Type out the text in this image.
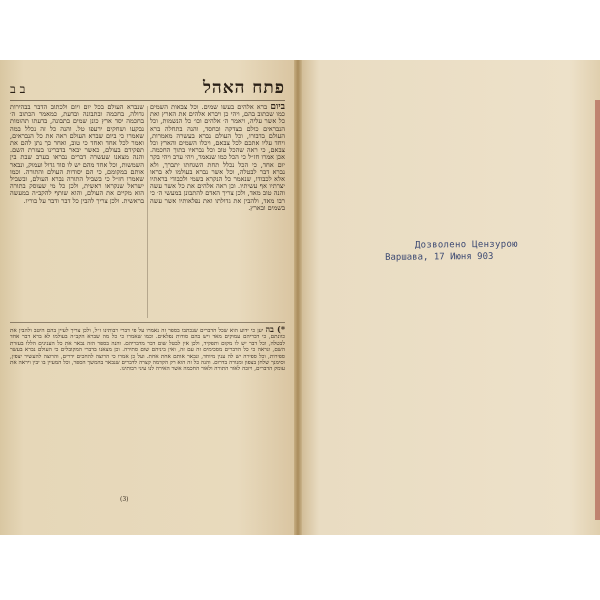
פתח האהל
ב ב
ביום ברא אלהים בעשו שמים. וכל צבאות השמים כמו שכתוב בהם, ויהי כן ויברא אלהים את הארץ ואת כל אשר עליה, ויאמר ה׳ אלהים וכו׳ כל הנשמות, וכל הנבראים כולם בצדקה ובחסד, והנה בתחלה ברא העולם בדבורו, וכל העולם נברא בעשרה מאמרות, ויחד עליו אתכם לכל צבאם, ויכלו השמים והארץ וכל צבאם, כי ראה שהכל טוב וכל נבראיו בתוך החכמה. אכן אמרו חז״ל כי הכל כמו שנאמר, ויהי ערב ויהי בקר יום אחד, כי הכל נכלל תחת השגחתו יתברך, ולא נברא דבר לבטלה, וכל אשר נברא בעולמו לא בראו אלא לכבודו, שנאמר כל הנקרא בשמי ולכבודי בראתיו יצרתיו אף עשיתיו. וכן ראה אלהים את כל אשר עשה והנה טוב מאד, ולכן צריך האדם להתבונן במעשי ה׳ כי רבו מאד, ולהבין את גדולתו ואת נפלאותיו אשר עשה בשמים ובארץ.
שנברא העולם בכל יום ויום ולכתוב הדבר בבהירות גדולה, בחכמה ובתבונה ובדעת, כמאמר הכתוב ה׳ בחכמה יסד ארץ כונן שמים בתבונה, בדעתו תהומות נבקעו ושחקים ירעפו טל. והנה כל זה נכלל במה שאמרו כי ביום שברא העולם ראה את כל הנבראים, ואמר לכל אחד ואחד כי טוב, ואחר כך נתן להם את תפקידם בעולם, כאשר יבאר בדברינו בעזרת השם. והנה מצאנו שעשרה דברים נבראו בערב שבת בין השמשות, וכל אחד מהם יש לו סוד גדול ועמוק, ונבאר אותם במקומם, כי הם יסודות העולם והתורה. וכמו שאמרו חז״ל כי בשביל התורה נברא העולם, ובשביל ישראל שנקראו ראשית, ולכן כל מי שעוסק בתורה הוא מקיים את העולם, והוא שותף להקב״ה במעשה בראשית. ולכן צריך להבין כל דבר ודבר על בוריו.
*) בה יען כי ידוע הוא שכל הדברים שנכתבו בספר זה נאמרו על פי דברי רבותינו ז״ל, ולכן צריך לעיין בהם היטב ולהבין את כוונתם, כי דבריהם עמוקים מאד ויש בהם סודות נפלאים. וכמו שאמרו כי כל מה שברא הקב״ה בעולמו לא ברא דבר אחד לבטלה, וכל דבר יש לו מקום ותפקיד, ולכן אין לבטל שום דבר מדבריהם. והנה בספר הזה נבאר את כל הענינים הללו בעזרת השם, ונראה כי כל הדברים מסכימים זה עם זה, ואין ביניהם שום סתירה. וכן מצאנו בדברי המקובלים כי העולם נברא בעשר ספירות, וכל ספירה יש לה ענין מיוחד, ונבאר אותם אחת אחת. ועל כן אמרו כי הרוצה להחכים ידרים, והרוצה להעשיר יצפין, וסימנך שלחן בצפון ומנורה בדרום. והנה כל זה הוא רק הקדמה קצרה לדברים שנבאר בהמשך הספר, וכל המעיין בו יבין ויראה את עומק הדברים, ויזכה לאור התורה ולאור החכמה אשר האירה לנו עיני רבותינו.
(3)
Дозволено Цензурою
Варшава, 17 Июня 903
